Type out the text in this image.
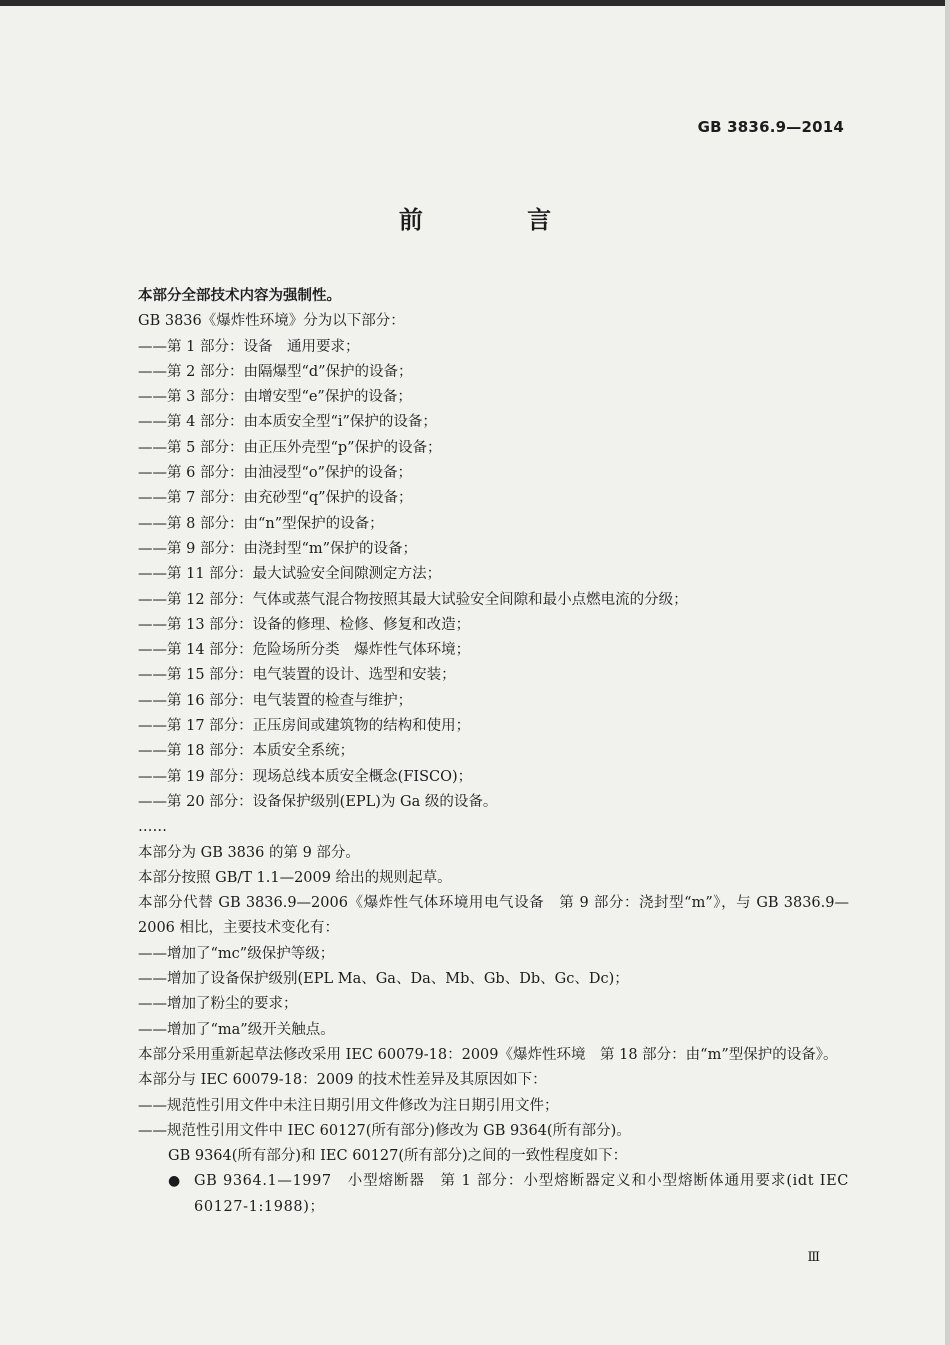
GB 3836.9—2014
前 言
本部分全部技术内容为强制性。
GB 3836《爆炸性环境》分为以下部分：
——第 1 部分：设备　通用要求；
——第 2 部分：由隔爆型“d”保护的设备；
——第 3 部分：由增安型“e”保护的设备；
——第 4 部分：由本质安全型“i”保护的设备；
——第 5 部分：由正压外壳型“p”保护的设备；
——第 6 部分：由油浸型“o”保护的设备；
——第 7 部分：由充砂型“q”保护的设备；
——第 8 部分：由“n”型保护的设备；
——第 9 部分：由浇封型“m”保护的设备；
——第 11 部分：最大试验安全间隙测定方法；
——第 12 部分：气体或蒸气混合物按照其最大试验安全间隙和最小点燃电流的分级；
——第 13 部分：设备的修理、检修、修复和改造；
——第 14 部分：危险场所分类　爆炸性气体环境；
——第 15 部分：电气装置的设计、选型和安装；
——第 16 部分：电气装置的检查与维护；
——第 17 部分：正压房间或建筑物的结构和使用；
——第 18 部分：本质安全系统；
——第 19 部分：现场总线本质安全概念(FISCO)；
——第 20 部分：设备保护级别(EPL)为 Ga 级的设备。
……
本部分为 GB 3836 的第 9 部分。
本部分按照 GB/T 1.1—2009 给出的规则起草。
本部分代替 GB 3836.9—2006《爆炸性气体环境用电气设备　第 9 部分：浇封型“m”》，与 GB 3836.9—2006 相比，主要技术变化有：
——增加了“mc”级保护等级；
——增加了设备保护级别(EPL Ma、Ga、Da、Mb、Gb、Db、Gc、Dc)；
——增加了粉尘的要求；
——增加了“ma”级开关触点。
本部分采用重新起草法修改采用 IEC 60079-18：2009《爆炸性环境　第 18 部分：由“m”型保护的设备》。
本部分与 IEC 60079-18：2009 的技术性差异及其原因如下：
——规范性引用文件中未注日期引用文件修改为注日期引用文件；
——规范性引用文件中 IEC 60127(所有部分)修改为 GB 9364(所有部分)。
GB 9364(所有部分)和 IEC 60127(所有部分)之间的一致性程度如下：
● GB 9364.1—1997　小型熔断器　第 1 部分：小型熔断器定义和小型熔断体通用要求(idt IEC 60127-1:1988)；
Ⅲ
